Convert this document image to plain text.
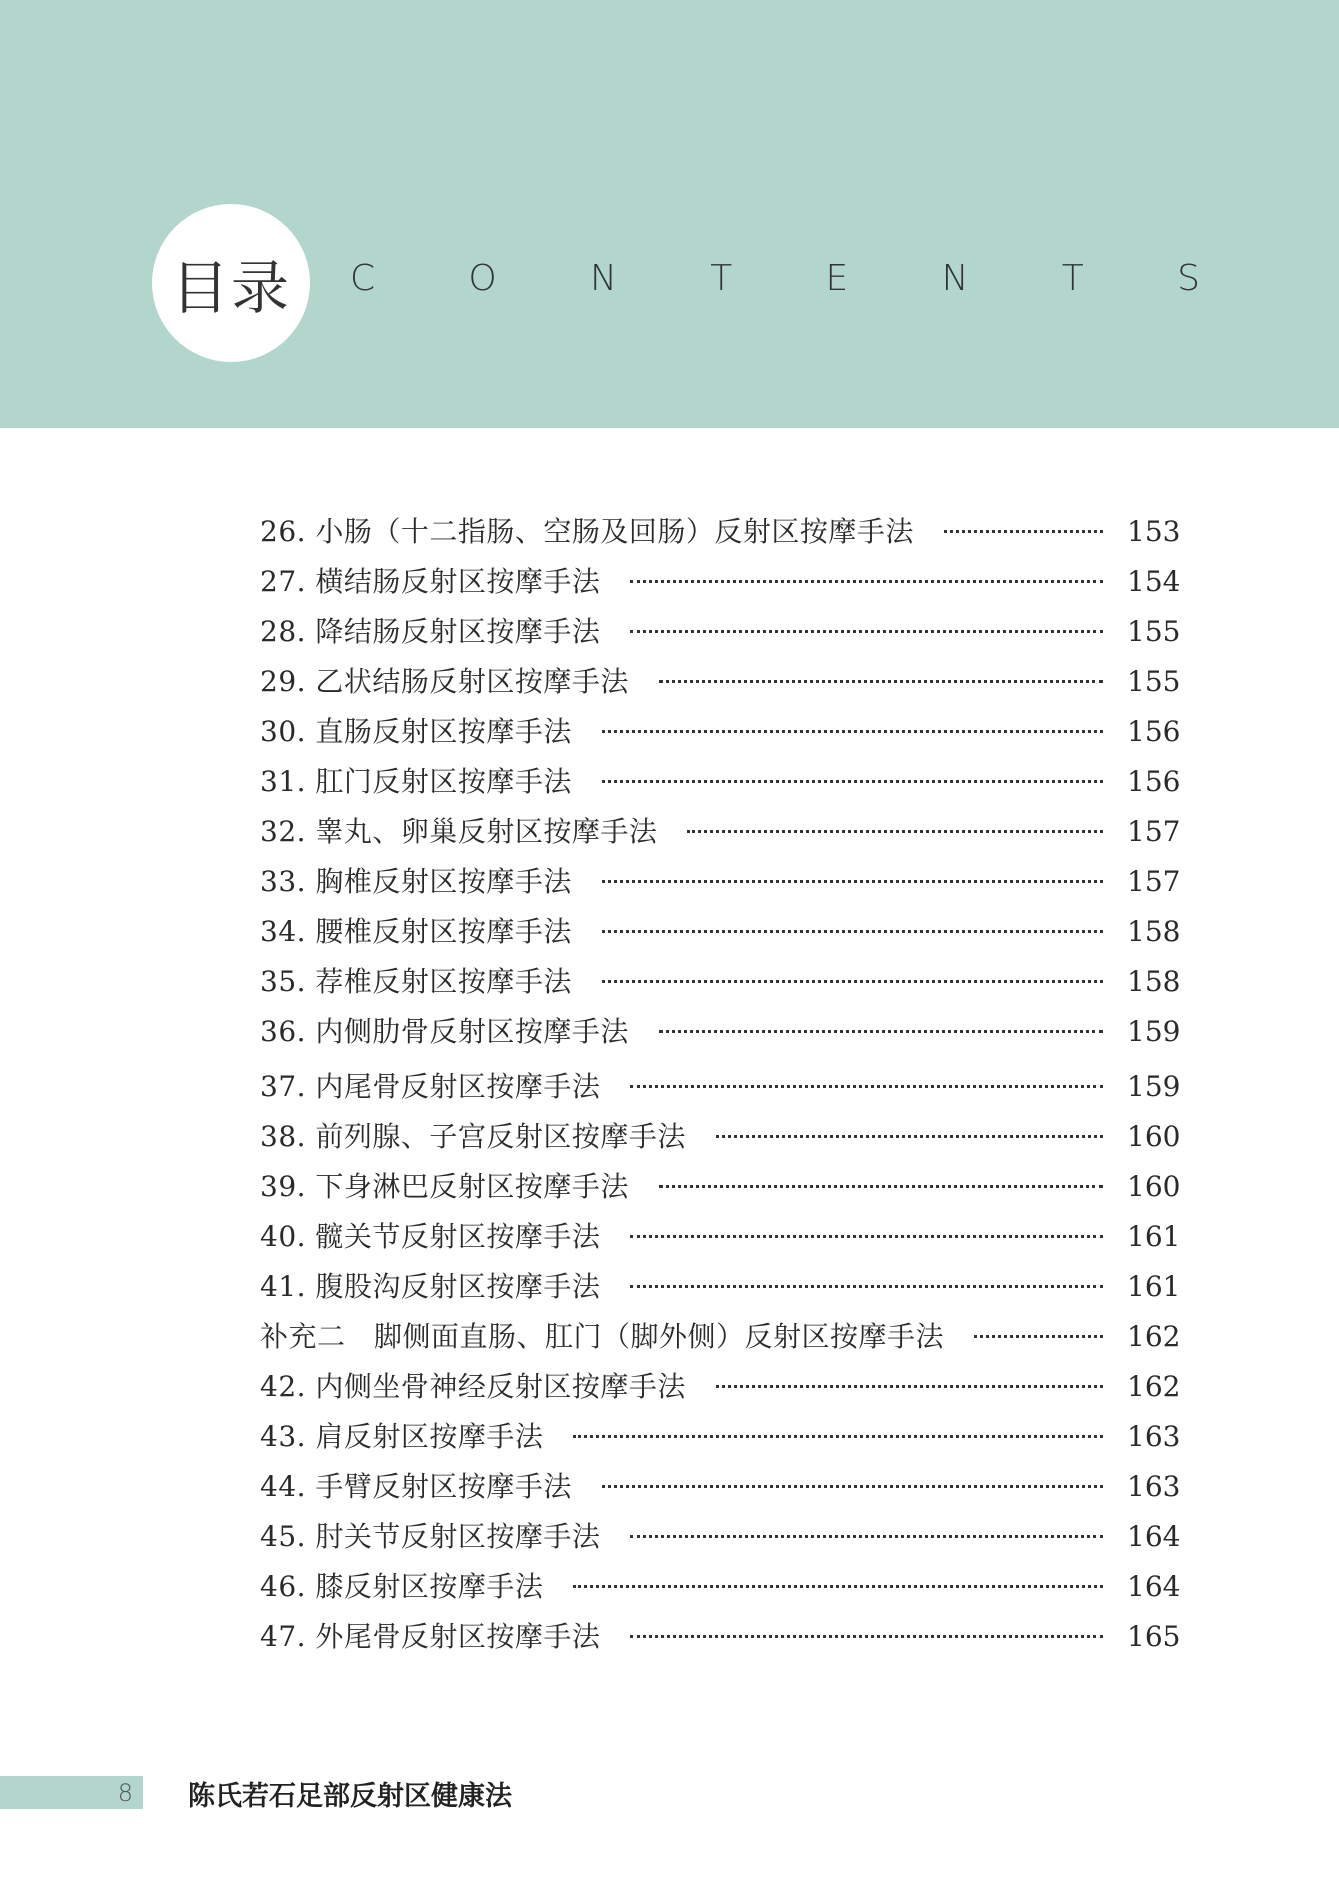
目录 C	O	N	T	E	N	T	S
26. 小肠（十二指肠、空肠及回肠）反射区按摩手法	153
27. 横结肠反射区按摩手法	154
28. 降结肠反射区按摩手法	155
29. 乙状结肠反射区按摩手法	155
30. 直肠反射区按摩手法	156
31. 肛门反射区按摩手法	156
32. 睾丸、卵巢反射区按摩手法	157
33. 胸椎反射区按摩手法	157
34. 腰椎反射区按摩手法	158
35. 荐椎反射区按摩手法	158
36. 内侧肋骨反射区按摩手法	159
37. 内尾骨反射区按摩手法	159
38. 前列腺、子宫反射区按摩手法	160
39. 下身淋巴反射区按摩手法	160
40. 髋关节反射区按摩手法	161
41. 腹股沟反射区按摩手法	161
补充二　脚侧面直肠、肛门（脚外侧）反射区按摩手法	162
42. 内侧坐骨神经反射区按摩手法	162
43. 肩反射区按摩手法	163
44. 手臂反射区按摩手法	163
45. 肘关节反射区按摩手法	164
46. 膝反射区按摩手法	164
47. 外尾骨反射区按摩手法	165
8	陈氏若石足部反射区健康法
